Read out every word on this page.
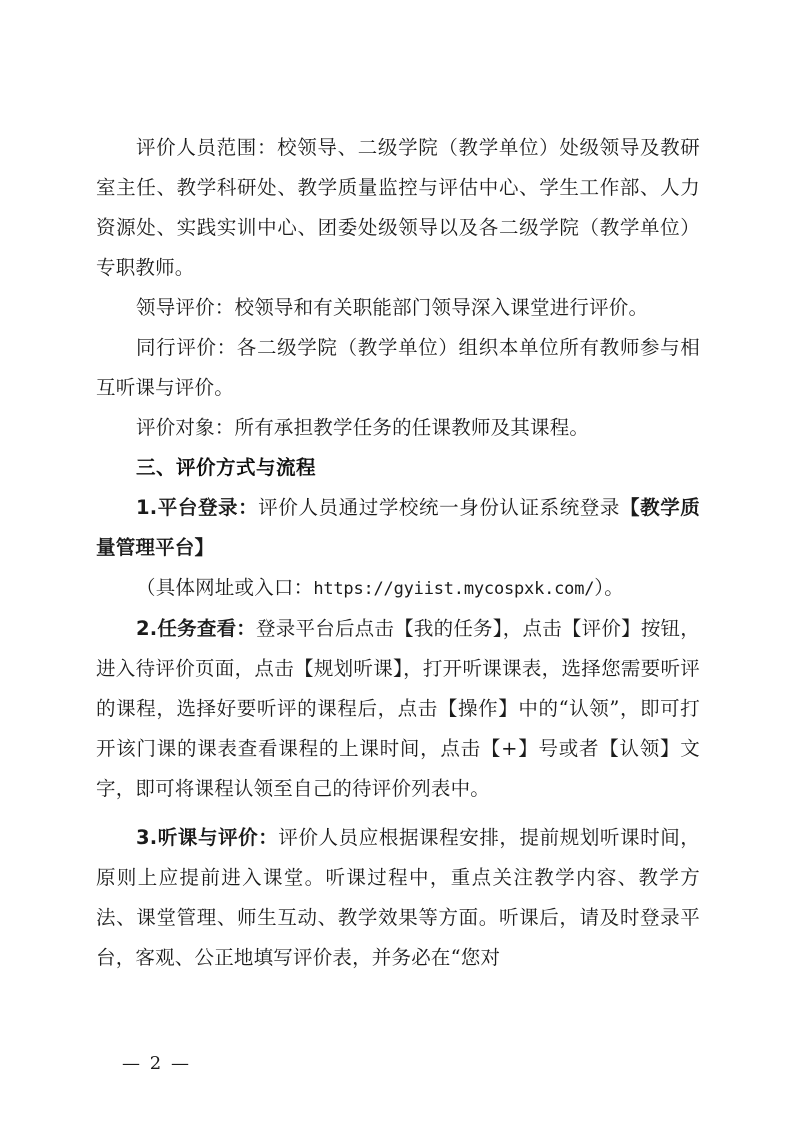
评价人员范围：校领导、二级学院（教学单位）处级领导及教研室主任、教学科研处、教学质量监控与评估中心、学生工作部、人力资源处、实践实训中心、团委处级领导以及各二级学院（教学单位）专职教师。

领导评价：校领导和有关职能部门领导深入课堂进行评价。

同行评价：各二级学院（教学单位）组织本单位所有教师参与相互听课与评价。

评价对象：所有承担教学任务的任课教师及其课程。

三、评价方式与流程

1.平台登录：评价人员通过学校统一身份认证系统登录【教学质量管理平台】

（具体网址或入口：https://gyiist.mycospxk.com/）。

2.任务查看：登录平台后点击【我的任务】，点击【评价】按钮，进入待评价页面，点击【规划听课】，打开听课课表，选择您需要听评的课程，选择好要听评的课程后，点击【操作】中的“认领”，即可打开该门课的课表查看课程的上课时间，点击【+】号或者【认领】文字，即可将课程认领至自己的待评价列表中。

3.听课与评价：评价人员应根据课程安排，提前规划听课时间，原则上应提前进入课堂。听课过程中，重点关注教学内容、教学方法、课堂管理、师生互动、教学效果等方面。听课后，请及时登录平台，客观、公正地填写评价表，并务必在“您对

— 2 —
